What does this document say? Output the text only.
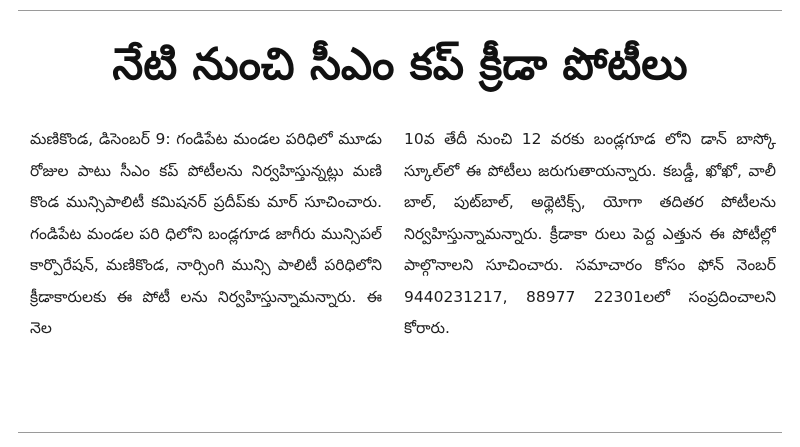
నేటి నుంచి సీఎం కప్ క్రీడా పోటీలు

మణికొండ, డిసెంబర్ 9: గండిపేట మండల పరిధిలో మూడు రోజుల పాటు సీఎం కప్ పోటీలను నిర్వహిస్తున్నట్లు మణి కొండ మున్సిపాలిటీ కమిషనర్ ప్రదీప్‌కు మార్ సూచించారు. గండిపేట మండల పరి ధిలోని బండ్లగూడ జాగీరు మున్సిపల్ కార్పొరేషన్, మణికొండ, నార్సింగి మున్సి పాలిటీ పరిధిలోని క్రీడాకారులకు ఈ పోటీ లను నిర్వహిస్తున్నామన్నారు. ఈ నెల

10వ తేదీ నుంచి 12 వరకు బండ్లగూడ లోని డాన్ బాస్కో స్కూల్‌లో ఈ పోటీలు జరుగుతాయన్నారు. కబడ్డీ, ఖోఖో, వాలీ బాల్, పుట్‌బాల్, అథ్లెటిక్స్, యోగా తదితర పోటీలను నిర్వహిస్తున్నామన్నారు. క్రీడాకా రులు పెద్ద ఎత్తున ఈ పోటీల్లో పాల్గొనాలని సూచించారు. సమాచారం కోసం ఫోన్ నెంబర్ 9440231217, 88977 22301లలో సంప్రదించాలని కోరారు.
